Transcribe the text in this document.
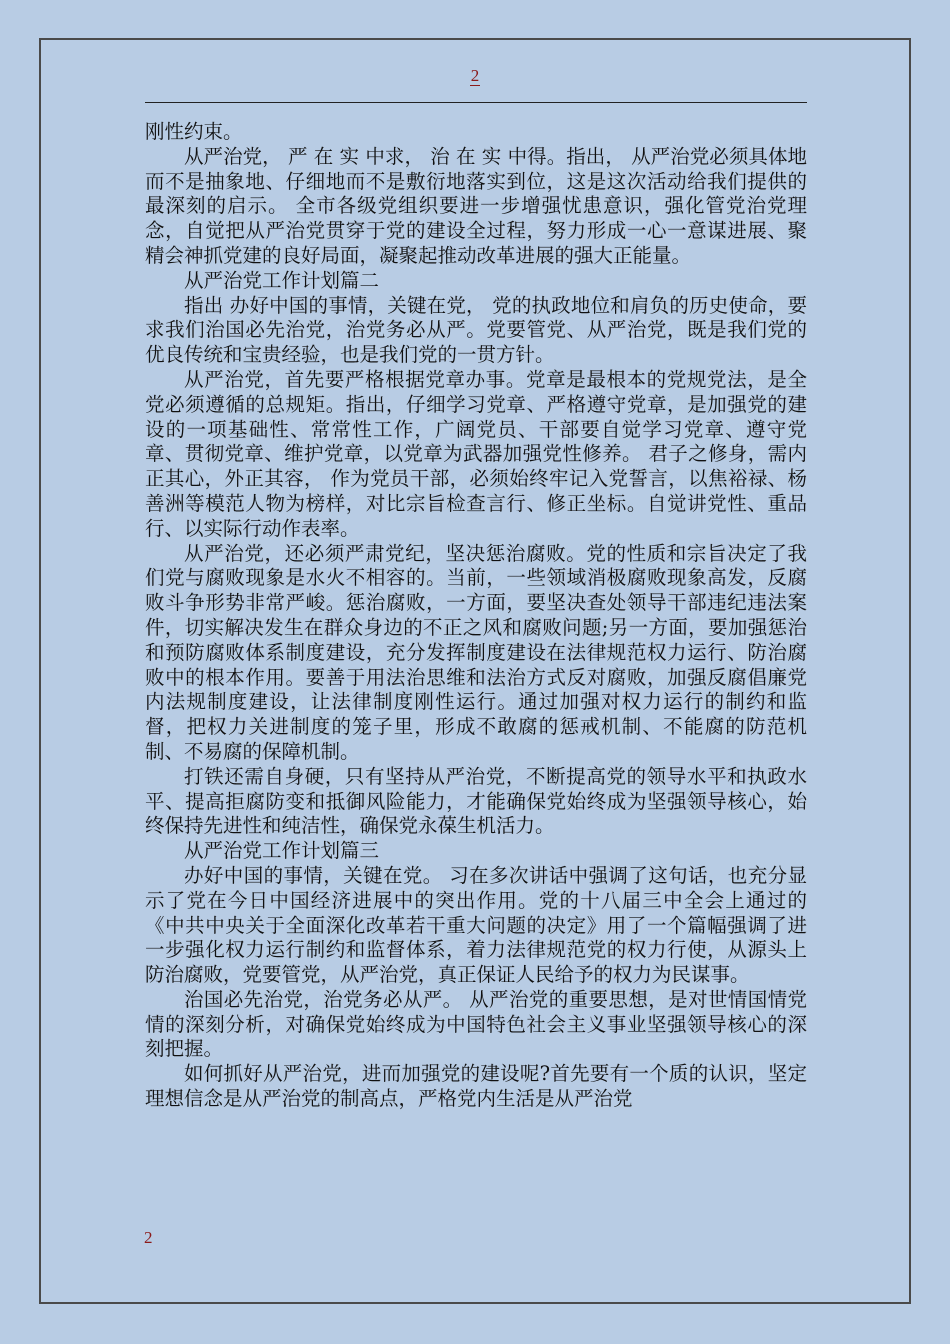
2

刚性约束。

从严治党， 严 在 实 中求， 治 在 实 中得。指出， 从严治党必须具体地而不是抽象地、仔细地而不是敷衍地落实到位，这是这次活动给我们提供的最深刻的启示。 全市各级党组织要进一步增强忧患意识，强化管党治党理念，自觉把从严治党贯穿于党的建设全过程，努力形成一心一意谋进展、聚精会神抓党建的良好局面，凝聚起推动改革进展的强大正能量。

从严治党工作计划篇二

指出 办好中国的事情，关键在党， 党的执政地位和肩负的历史使命，要求我们治国必先治党，治党务必从严。党要管党、从严治党，既是我们党的优良传统和宝贵经验，也是我们党的一贯方针。

从严治党，首先要严格根据党章办事。党章是最根本的党规党法，是全党必须遵循的总规矩。指出，仔细学习党章、严格遵守党章，是加强党的建设的一项基础性、常常性工作，广阔党员、干部要自觉学习党章、遵守党章、贯彻党章、维护党章，以党章为武器加强党性修养。 君子之修身，需内正其心，外正其容， 作为党员干部，必须始终牢记入党誓言，以焦裕禄、杨善洲等模范人物为榜样，对比宗旨检查言行、修正坐标。自觉讲党性、重品行、以实际行动作表率。

从严治党，还必须严肃党纪，坚决惩治腐败。党的性质和宗旨决定了我们党与腐败现象是水火不相容的。当前，一些领域消极腐败现象高发，反腐败斗争形势非常严峻。惩治腐败，一方面，要坚决查处领导干部违纪违法案件，切实解决发生在群众身边的不正之风和腐败问题;另一方面，要加强惩治和预防腐败体系制度建设，充分发挥制度建设在法律规范权力运行、防治腐败中的根本作用。要善于用法治思维和法治方式反对腐败，加强反腐倡廉党内法规制度建设，让法律制度刚性运行。通过加强对权力运行的制约和监督，把权力关进制度的笼子里，形成不敢腐的惩戒机制、不能腐的防范机制、不易腐的保障机制。

打铁还需自身硬，只有坚持从严治党，不断提高党的领导水平和执政水平、提高拒腐防变和抵御风险能力，才能确保党始终成为坚强领导核心，始终保持先进性和纯洁性，确保党永葆生机活力。

从严治党工作计划篇三

办好中国的事情，关键在党。 习在多次讲话中强调了这句话，也充分显示了党在今日中国经济进展中的突出作用。党的十八届三中全会上通过的《中共中央关于全面深化改革若干重大问题的决定》用了一个篇幅强调了进一步强化权力运行制约和监督体系，着力法律规范党的权力行使，从源头上防治腐败，党要管党，从严治党，真正保证人民给予的权力为民谋事。

治国必先治党，治党务必从严。 从严治党的重要思想，是对世情国情党情的深刻分析，对确保党始终成为中国特色社会主义事业坚强领导核心的深刻把握。

如何抓好从严治党，进而加强党的建设呢?首先要有一个质的认识，坚定理想信念是从严治党的制高点，严格党内生活是从严治党

2
